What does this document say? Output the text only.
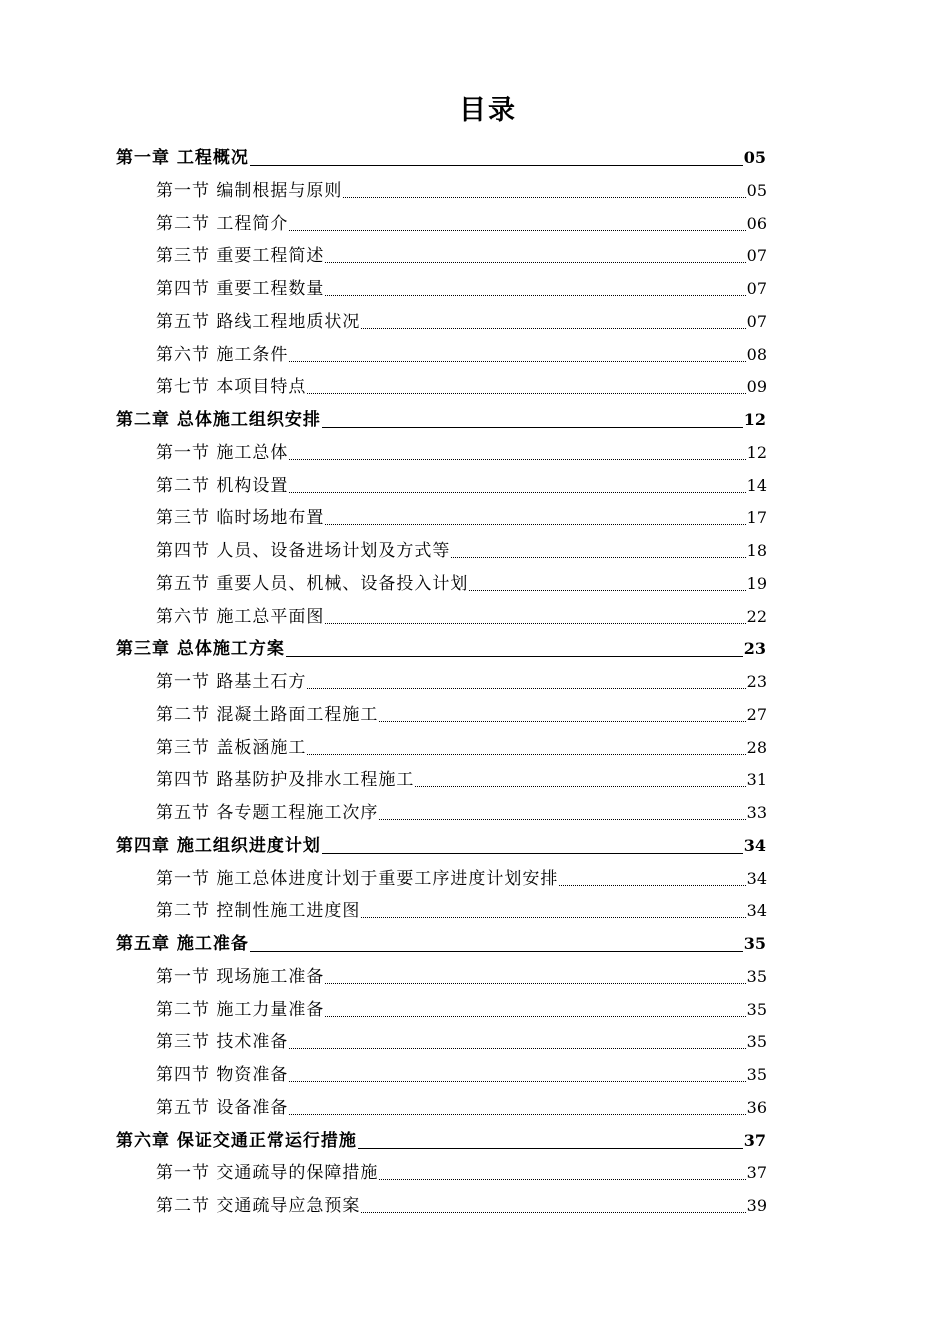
目录
第一章 工程概况	05
第一节 编制根据与原则	05
第二节 工程简介	06
第三节 重要工程简述	07
第四节 重要工程数量	07
第五节 路线工程地质状况	07
第六节 施工条件	08
第七节 本项目特点	09
第二章 总体施工组织安排	12
第一节 施工总体	12
第二节 机构设置	14
第三节 临时场地布置	17
第四节 人员、设备进场计划及方式等	18
第五节 重要人员、机械、设备投入计划	19
第六节 施工总平面图	22
第三章 总体施工方案	23
第一节 路基土石方	23
第二节 混凝土路面工程施工	27
第三节 盖板涵施工	28
第四节 路基防护及排水工程施工	31
第五节 各专题工程施工次序	33
第四章 施工组织进度计划	34
第一节 施工总体进度计划于重要工序进度计划安排	34
第二节 控制性施工进度图	34
第五章 施工准备	35
第一节 现场施工准备	35
第二节 施工力量准备	35
第三节 技术准备	35
第四节 物资准备	35
第五节 设备准备	36
第六章 保证交通正常运行措施	37
第一节 交通疏导的保障措施	37
第二节 交通疏导应急预案	39
